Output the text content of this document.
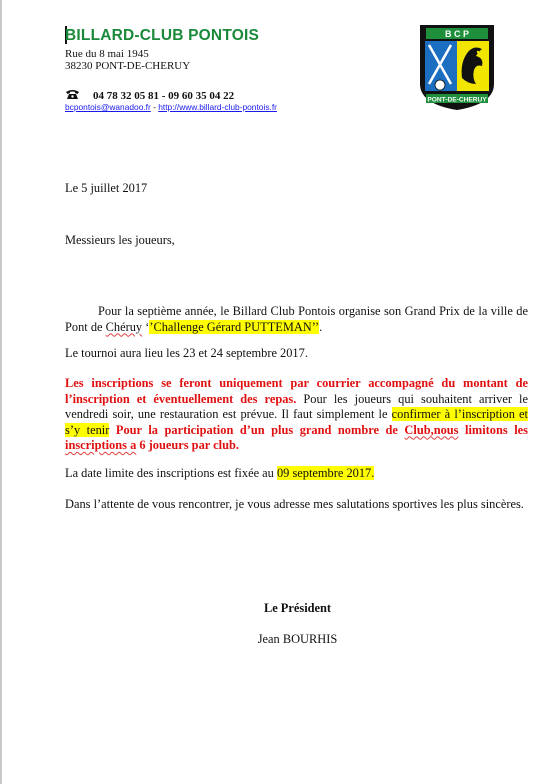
BILLARD-CLUB PONTOIS
Rue du 8 mai 1945
38230 PONT-DE-CHERUY
04 78 32 05 81 - 09 60 35 04 22
bcpontois@wanadoo.fr - http://www.billard-club-pontois.fr
B C P
PONT-DE-CHERUY
Le 5 juillet 2017
Messieurs les joueurs,
Pour la septième année, le Billard Club Pontois organise son Grand Prix de la ville de Pont de Chéruy ‘’Challenge Gérard PUTTEMAN’’.
Le tournoi aura lieu les 23 et 24 septembre 2017.
Les inscriptions se feront uniquement par courrier accompagné du montant de l’inscription et éventuellement des repas. Pour les joueurs qui souhaitent arriver le vendredi soir, une restauration est prévue. Il faut simplement le confirmer à l’inscription et s’y tenir Pour la participation d’un plus grand nombre de Club,nous limitons les inscriptions a 6 joueurs par club.
La date limite des inscriptions est fixée au 09 septembre 2017.
Dans l’attente de vous rencontrer, je vous adresse mes salutations sportives les plus sincères.
Le Président
Jean BOURHIS
